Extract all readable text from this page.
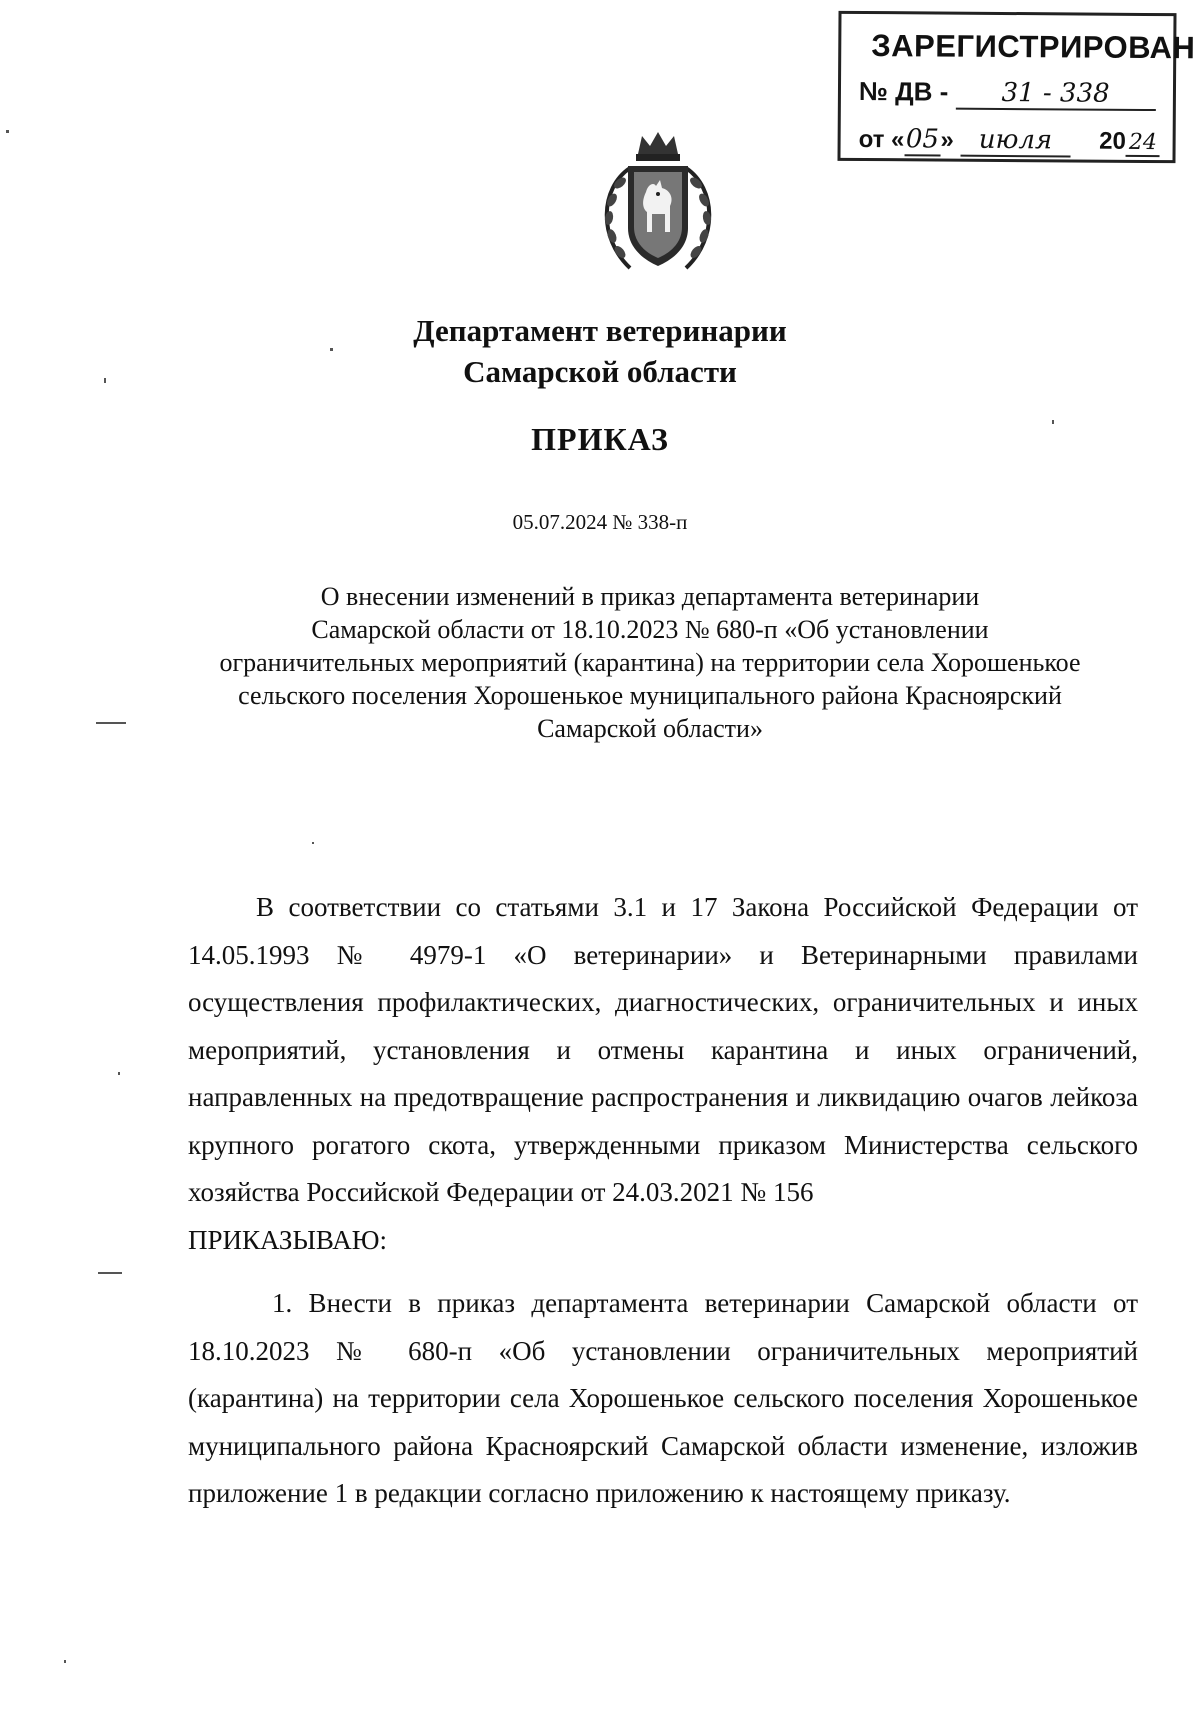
ЗАРЕГИСТРИРОВАН
№ ДВ - 31 - 338
от «05» июля 20 24
Департамент ветеринарии
Самарской области
ПРИКАЗ
05.07.2024 № 338-п
О внесении изменений в приказ департамента ветеринарии
Самарской области от 18.10.2023 № 680-п «Об установлении
ограничительных мероприятий (карантина) на территории села Хорошенькое
сельского поселения Хорошенькое муниципального района Красноярский
Самарской области»
В соответствии со статьями 3.1 и 17 Закона Российской Федерации от 14.05.1993 № 4979-1 «О ветеринарии» и Ветеринарными правилами осуществления профилактических, диагностических, ограничительных и иных мероприятий, установления и отмены карантина и иных ограничений, направленных на предотвращение распространения и ликвидацию очагов лейкоза крупного рогатого скота, утвержденными приказом Министерства сельского хозяйства Российской Федерации от 24.03.2021 № 156
ПРИКАЗЫВАЮ:
1. Внести в приказ департамента ветеринарии Самарской области от 18.10.2023 № 680-п «Об установлении ограничительных мероприятий (карантина) на территории села Хорошенькое сельского поселения Хорошенькое муниципального района Красноярский Самарской области изменение, изложив приложение 1 в редакции согласно приложению к настоящему приказу.
